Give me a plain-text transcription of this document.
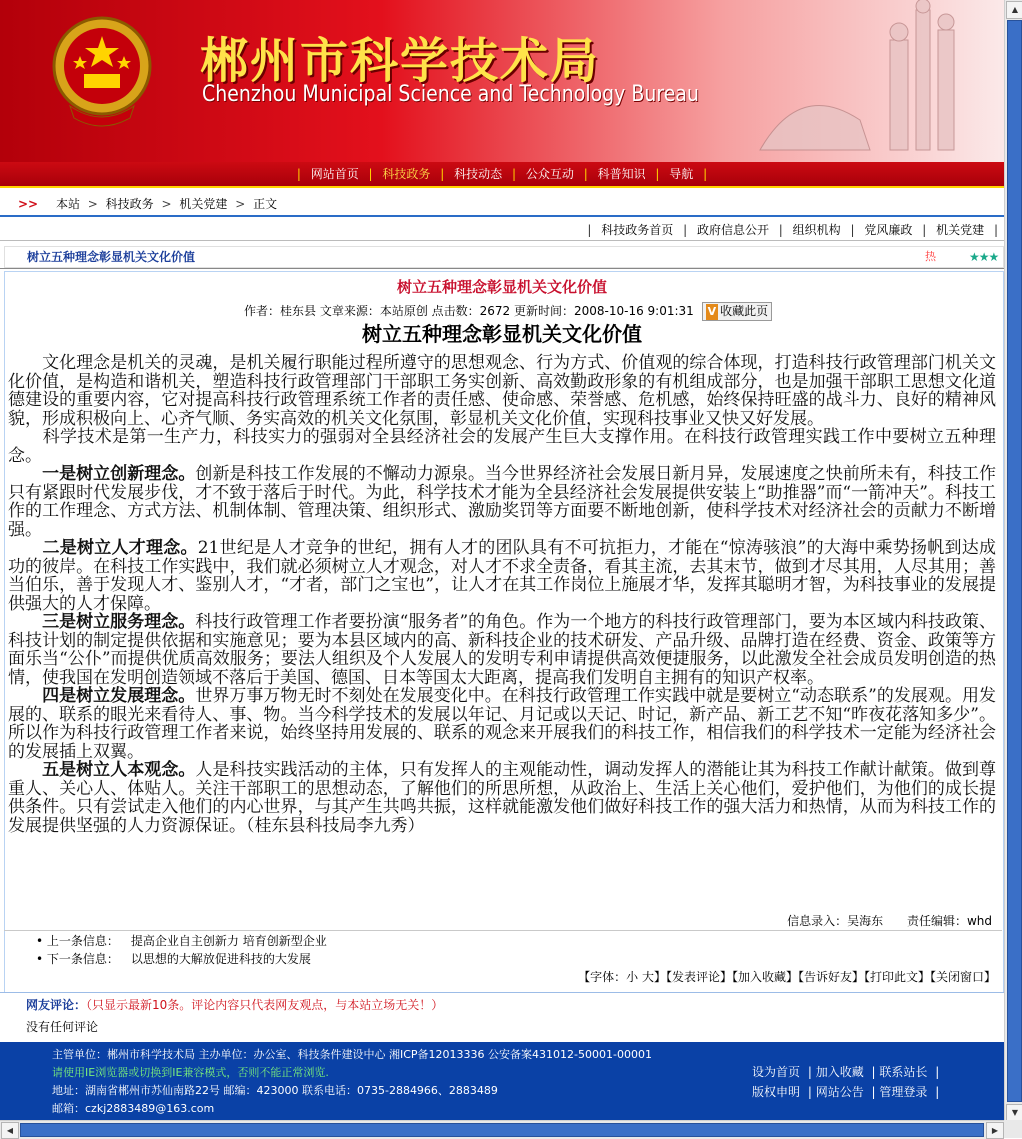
郴州市科学技术局
Chenzhou Municipal Science and Technology Bureau
| 网站首页 | 科技政务 | 科技动态 | 公众互动 | 科普知识 | 导航 |
>> 本站 > 科技政务 > 机关党建 > 正文
| 科技政务首页 | 政府信息公开 | 组织机构 | 党风廉政 | 机关党建 |
树立五种理念彰显机关文化价值	热	★★★
树立五种理念彰显机关文化价值
作者：桂东县 文章来源：本站原创 点击数：2672 更新时间：2008-10-16 9:01:31 V 收藏此页
树立五种理念彰显机关文化价值

　　文化理念是机关的灵魂，是机关履行职能过程所遵守的思想观念、行为方式、价值观的综合体现，打造科技行政管理部门机关文化价值，是构造和谐机关，塑造科技行政管理部门干部职工务实创新、高效勤政形象的有机组成部分，也是加强干部职工思想文化道德建设的重要内容，它对提高科技行政管理系统工作者的责任感、使命感、荣誉感、危机感，始终保持旺盛的战斗力、良好的精神风貌，形成积极向上、心齐气顺、务实高效的机关文化氛围，彰显机关文化价值，实现科技事业又快又好发展。

　　科学技术是第一生产力，科技实力的强弱对全县经济社会的发展产生巨大支撑作用。在科技行政管理实践工作中要树立五种理念。

　　一是树立创新理念。创新是科技工作发展的不懈动力源泉。当今世界经济社会发展日新月异，发展速度之快前所未有，科技工作只有紧跟时代发展步伐，才不致于落后于时代。为此，科学技术才能为全县经济社会发展提供安装上“助推器”而“一箭冲天”。科技工作的工作理念、方式方法、机制体制、管理决策、组织形式、激励奖罚等方面要不断地创新，使科学技术对经济社会的贡献力不断增强。

　　二是树立人才理念。21世纪是人才竞争的世纪，拥有人才的团队具有不可抗拒力，才能在“惊涛骇浪”的大海中乘势扬帆到达成功的彼岸。在科技工作实践中，我们就必须树立人才观念，对人才不求全责备，看其主流，去其末节，做到才尽其用，人尽其用；善当伯乐，善于发现人才、鉴别人才，“才者，部门之宝也”，让人才在其工作岗位上施展才华，发挥其聪明才智，为科技事业的发展提供强大的人才保障。

　　三是树立服务理念。科技行政管理工作者要扮演“服务者”的角色。作为一个地方的科技行政管理部门，要为本区域内科技政策、科技计划的制定提供依据和实施意见；要为本县区域内的高、新科技企业的技术研发、产品升级、品牌打造在经费、资金、政策等方面乐当“公仆”而提供优质高效服务；要法人组织及个人发展人的发明专利申请提供高效便捷服务，以此激发全社会成员发明创造的热情，使我国在发明创造领域不落后于美国、德国、日本等国太大距离，提高我们发明自主拥有的知识产权率。

　　四是树立发展理念。世界万事万物无时不刻处在发展变化中。在科技行政管理工作实践中就是要树立“动态联系”的发展观。用发展的、联系的眼光来看待人、事、物。当今科学技术的发展以年记、月记或以天记、时记，新产品、新工艺不知“昨夜花落知多少”。所以作为科技行政管理工作者来说，始终坚持用发展的、联系的观念来开展我们的科技工作，相信我们的科学技术一定能为经济社会的发展插上双翼。

　　五是树立人本观念。人是科技实践活动的主体，只有发挥人的主观能动性，调动发挥人的潜能让其为科技工作献计献策。做到尊重人、关心人、体贴人。关注干部职工的思想动态，了解他们的所思所想，从政治上、生活上关心他们，爱护他们，为他们的成长提供条件。只有尝试走入他们的内心世界，与其产生共鸣共振，这样就能激发他们做好科技工作的强大活力和热情，从而为科技工作的发展提供坚强的人力资源保证。（桂东县科技局李九秀）

信息录入：吴海东 责任编辑：whd
• 上一条信息： 提高企业自主创新力 培育创新型企业
• 下一条信息： 以思想的大解放促进科技的大发展
【字体：小 大】【发表评论】【加入收藏】【告诉好友】【打印此文】【关闭窗口】
网友评论：（只显示最新10条。评论内容只代表网友观点，与本站立场无关！）
没有任何评论
主管单位：郴州市科学技术局 主办单位：办公室、科技条件建设中心 湘ICP备12013336 公安备案431012-50001-00001
请使用IE浏览器或切换到IE兼容模式，否则不能正常浏览.
地址：湖南省郴州市苏仙南路22号 邮编：423000 联系电话：0735-2884966、2883489
邮箱：czkj2883489@163.com
设为首页 | 加入收藏 | 联系站长 |
版权申明 | 网站公告 | 管理登录 |
▲
▼
◀	▶
